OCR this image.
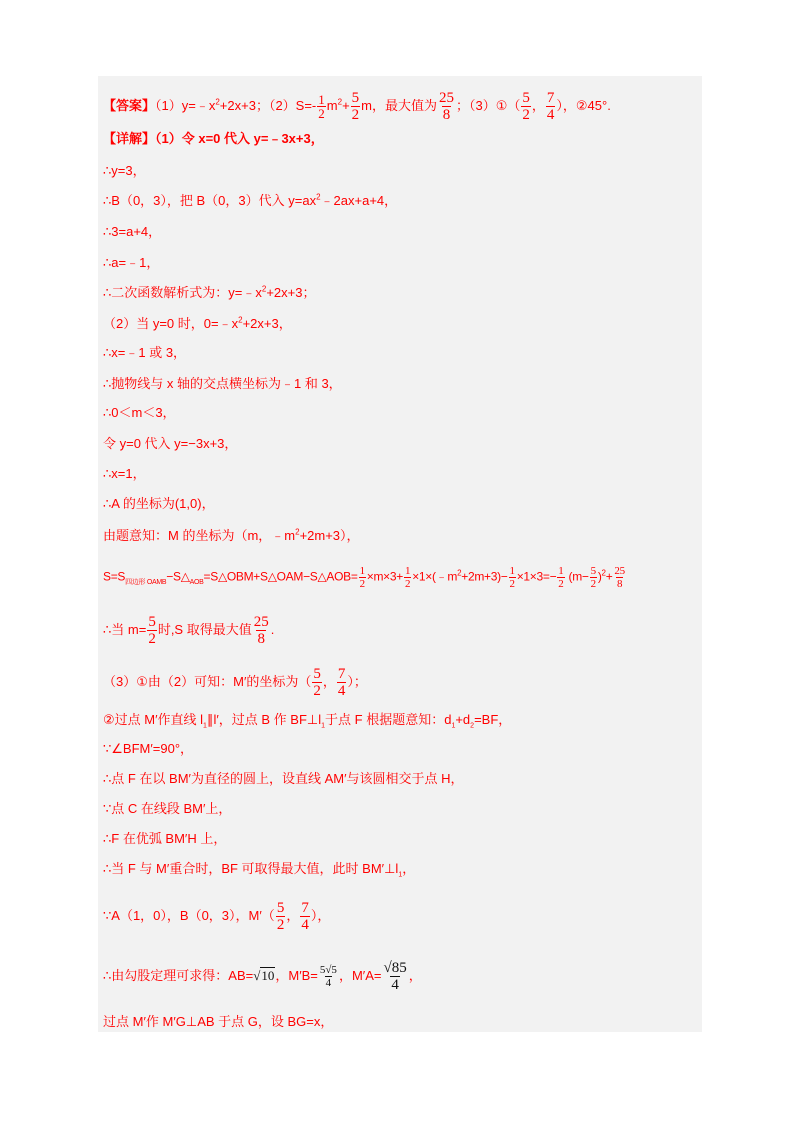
【答案】$(1)y=﹣x^2+2x+3$；$(2)S=- \frac{1}{2} m^2+ \frac{5}{2}$ m，最大值为 $\frac{25}{8}$ ；（3）①（ $\frac{5}{2}$ ， $\frac{7}{4}$ ），②45°.
【详解】（1）令 x=0 代入 y=﹣3x+3，
∴y=3，
∴B（0，3），把 B（0，3）代入 $y=ax^2﹣2ax+a+4$，
∴3=a+4，
∴a=﹣1，
∴二次函数解析式为：$y=﹣x^2+2x+3$；
（2）当 y=0 时，$0=﹣x^2+2x+3$，
∴x=﹣1 或 3，
∴抛物线与 x 轴的交点横坐标为﹣1 和 3，
∴0＜m＜3，
令 y=0 代入 y=−3x+3，
∴x=1，
∴A 的坐标为(1,0)，
由题意知：M 的坐标为（m，$﹣m^2+2m+3$），
$S=S_{四边形 OAMB}-S\triangle_{AOB}=S\triangle OBM+S\triangle OAM-S\triangle AOB= \frac{1}{2} \times m\times 3+ \frac{1}{2}$ $\times 1\times(﹣m^2+2m+3)- \frac{1}{2} \times 1\times 3=- \frac{1}{2} (m- \frac{5}{2} )^2+ \frac{25}{8}$
∴当 $m= \frac{5}{2}$ 时,S 取得最大值 $\frac{25}{8}$ .
（3）①由（2）可知：M′的坐标为（ $\frac{5}{2}$ ， $\frac{7}{4}$ ）；
②过点 M′作直线 $l_1\parallel l'$，过点 B 作 $BF\perp l_1$于点 F 根据题意知：$d_1+d_2=BF$，
∵∠BFM′=90°，
∴点 F 在以 BM′为直径的圆上，设直线 AM′与该圆相交于点 H，
∵点 C 在线段 BM′上，
∴F 在优弧 BM′H 上，
∴当 F 与 M′重合时，BF 可取得最大值，此时 $BM'\perp l_1$，
∵A（1，0），B（0，3），$M'( \frac{5}{2}$ ， $\frac{7}{4}$ ），
∴由勾股定理可求得：AB=√10，$M'B= \frac{5√5}{4}$ ，$M'A= \frac{√85}{4}$ ，
过点 M′作 M′G⊥AB 于点 G，设 BG=x，
